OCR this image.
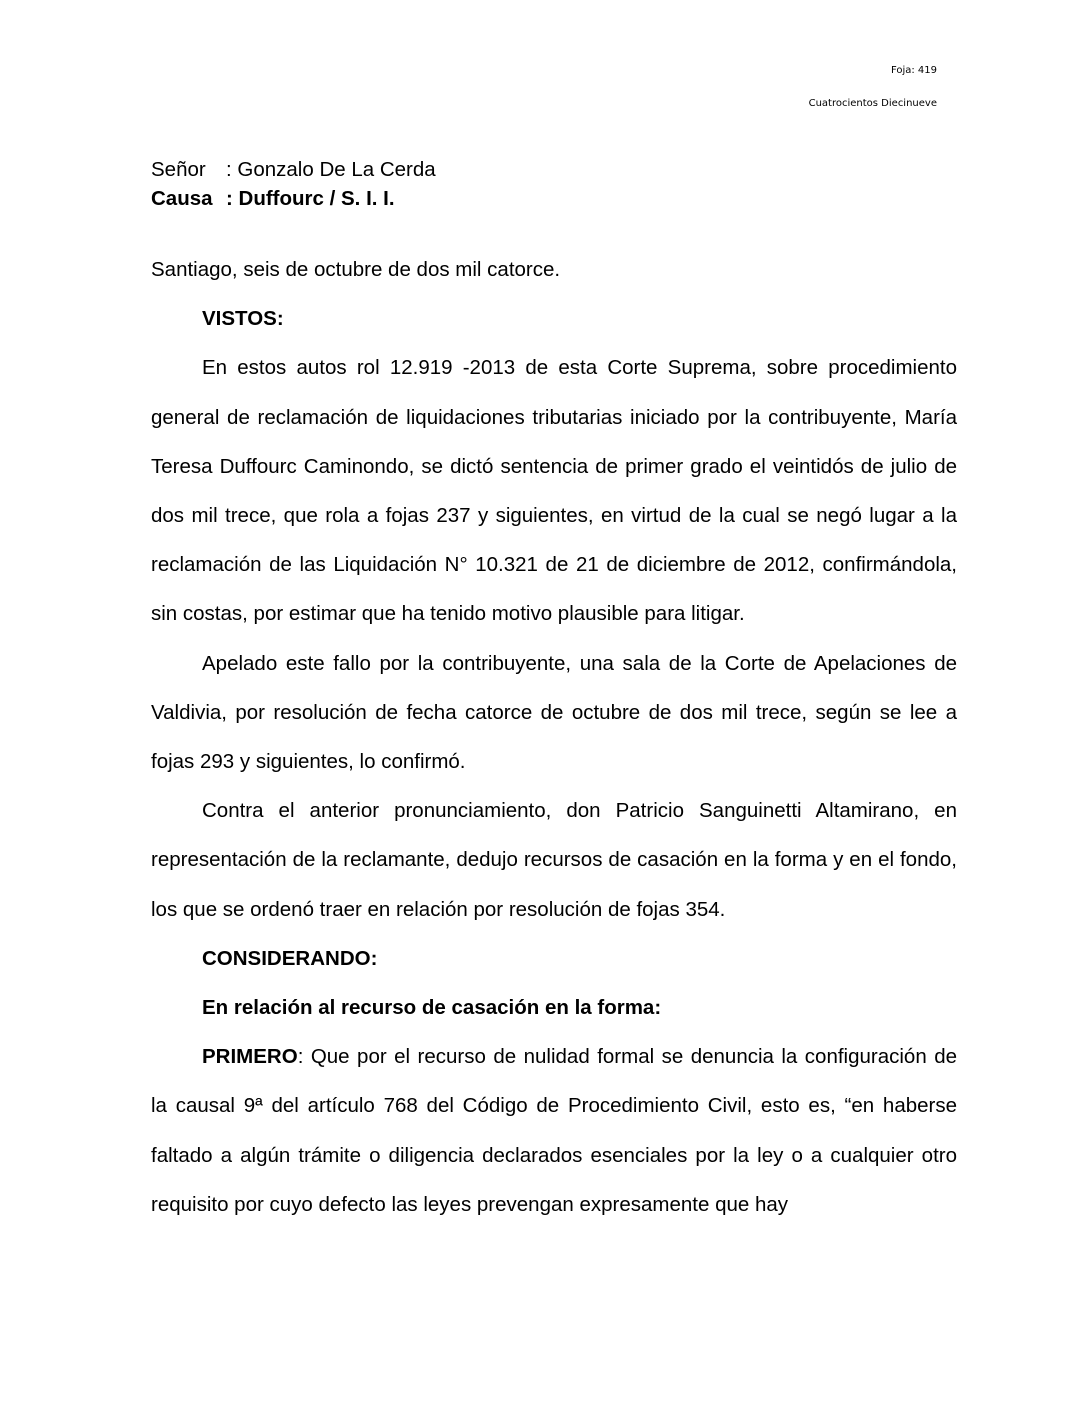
Foja: 419
Cuatrocientos Diecinueve
Señor : Gonzalo De La Cerda
Causa : Duffourc / S. I. I.

Santiago, seis de octubre de dos mil catorce.

VISTOS:

En estos autos rol 12.919 -2013 de esta Corte Suprema, sobre procedimiento general de reclamación de liquidaciones tributarias iniciado por la contribuyente, María Teresa Duffourc Caminondo, se dictó sentencia de primer grado el veintidós de julio de dos mil trece, que rola a fojas 237 y siguientes, en virtud de la cual se negó lugar a la reclamación de las Liquidación N° 10.321 de 21 de diciembre de 2012, confirmándola, sin costas, por estimar que ha tenido motivo plausible para litigar.

Apelado este fallo por la contribuyente, una sala de la Corte de Apelaciones de Valdivia, por resolución de fecha catorce de octubre de dos mil trece, según se lee a fojas 293 y siguientes, lo confirmó.

Contra el anterior pronunciamiento, don Patricio Sanguinetti Altamirano, en representación de la reclamante, dedujo recursos de casación en la forma y en el fondo, los que se ordenó traer en relación por resolución de fojas 354.

CONSIDERANDO:

En relación al recurso de casación en la forma:

PRIMERO: Que por el recurso de nulidad formal se denuncia la configuración de la causal 9ª del artículo 768 del Código de Procedimiento Civil, esto es, “en haberse faltado a algún trámite o diligencia declarados esenciales por la ley o a cualquier otro requisito por cuyo defecto las leyes prevengan expresamente que hay
